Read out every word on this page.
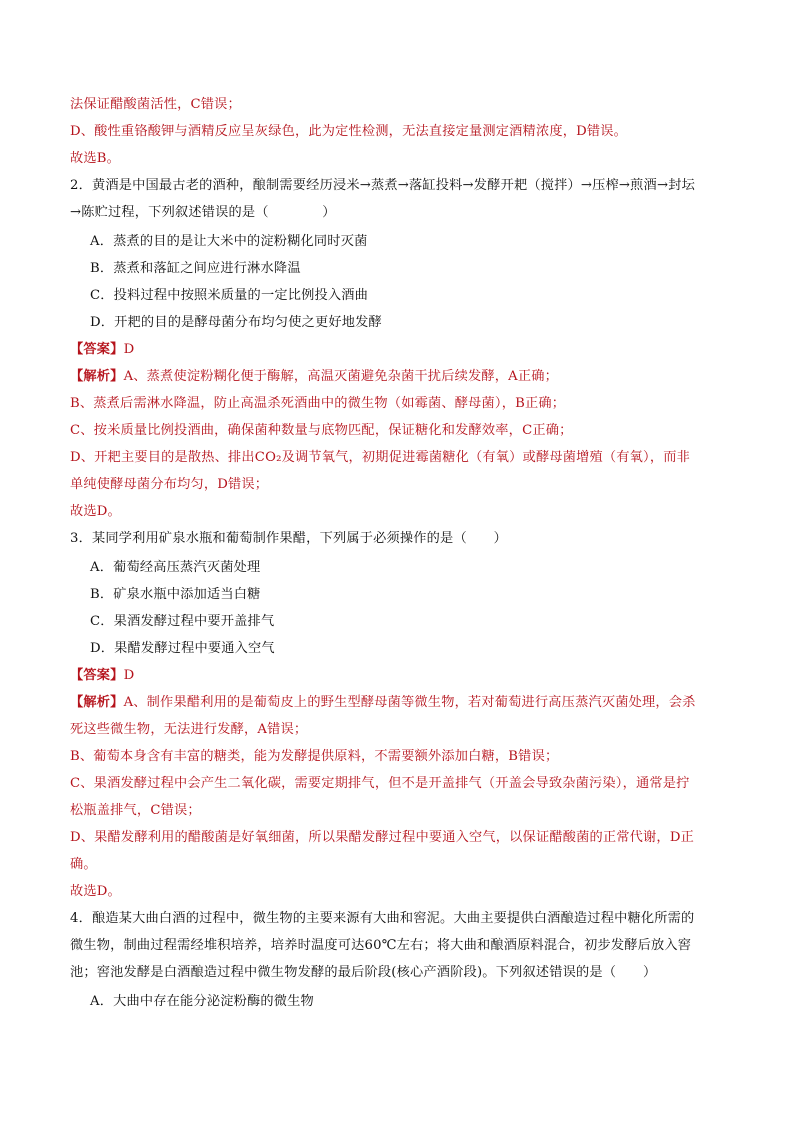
法保证醋酸菌活性，C错误；
D、酸性重铬酸钾与酒精反应呈灰绿色，此为定性检测，无法直接定量测定酒精浓度，D错误。
故选B。
2．黄酒是中国最古老的酒种，酿制需要经历浸米→蒸煮→落缸投料→发酵开耙（搅拌）→压榨→煎酒→封坛
→陈贮过程，下列叙述错误的是（　　　　）
A．蒸煮的目的是让大米中的淀粉糊化同时灭菌
B．蒸煮和落缸之间应进行淋水降温
C．投料过程中按照米质量的一定比例投入酒曲
D．开耙的目的是酵母菌分布均匀使之更好地发酵
【答案】D
【解析】A、蒸煮使淀粉糊化便于酶解，高温灭菌避免杂菌干扰后续发酵，A正确；
B、蒸煮后需淋水降温，防止高温杀死酒曲中的微生物（如霉菌、酵母菌），B正确；
C、按米质量比例投酒曲，确保菌种数量与底物匹配，保证糖化和发酵效率，C正确；
D、开耙主要目的是散热、排出CO₂及调节氧气，初期促进霉菌糖化（有氧）或酵母菌增殖（有氧），而非
单纯使酵母菌分布均匀，D错误；
故选D。
3．某同学利用矿泉水瓶和葡萄制作果醋，下列属于必须操作的是（　　）
A．葡萄经高压蒸汽灭菌处理
B．矿泉水瓶中添加适当白糖
C．果酒发酵过程中要开盖排气
D．果醋发酵过程中要通入空气
【答案】D
【解析】A、制作果醋利用的是葡萄皮上的野生型酵母菌等微生物，若对葡萄进行高压蒸汽灭菌处理，会杀
死这些微生物，无法进行发酵，A错误；
B、葡萄本身含有丰富的糖类，能为发酵提供原料，不需要额外添加白糖，B错误；
C、果酒发酵过程中会产生二氧化碳，需要定期排气，但不是开盖排气（开盖会导致杂菌污染），通常是拧
松瓶盖排气，C错误；
D、果醋发酵利用的醋酸菌是好氧细菌，所以果醋发酵过程中要通入空气，以保证醋酸菌的正常代谢，D正
确。
故选D。
4．酿造某大曲白酒的过程中，微生物的主要来源有大曲和窖泥。大曲主要提供白酒酿造过程中糖化所需的
微生物，制曲过程需经堆积培养，培养时温度可达60℃左右；将大曲和酿酒原料混合，初步发酵后放入窖
池；窖池发酵是白酒酿造过程中微生物发酵的最后阶段(核心产酒阶段)。下列叙述错误的是（　　）
A．大曲中存在能分泌淀粉酶的微生物
